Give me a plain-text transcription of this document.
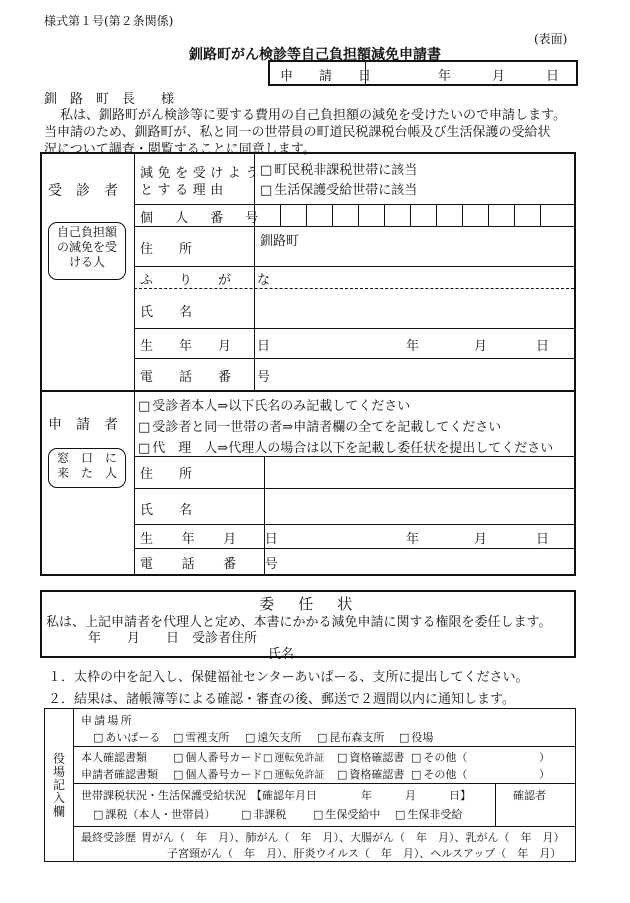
様式第１号(第２条関係)
(表面)
釧路町がん検診等自己負担額減免申請書
申　請　日	年	月	日
釧　路　町　長　　様
私は、釧路町がん検診等に要する費用の自己負担額の減免を受けたいので申請します。
当申請のため、釧路町が、私と同一の世帯員の町道民税課税台帳及び生活保護の受給状
況について調査・閲覧することに同意します。
受　診　者
自己負担額
の減免を受
ける人
減免を受けよう
とする理由
□ 町民税非課税世帯に該当
□ 生活保護受給世帯に該当
個　人　番　号
住　　所
釧路町
ふ　り　が　な
氏　　名
生　年　月　日	年	月	日
電　話　番　号
申　請　者
窓　口　に
来　た　人
□ 受診者本人⇒以下氏名のみ記載してください
□ 受診者と同一世帯の者⇒申請者欄の全てを記載してください
□ 代　理　人⇒代理人の場合は以下を記載し委任状を提出してください
住　　所
氏　　名
生　年　月　日	年	月	日
電　話　番　号
委　任　状
私は、上記申請者を代理人と定め、本書にかかる減免申請に関する権限を委任します。
年　　月　　日　受診者住所
氏名
１．太枠の中を記入し、保健福祉センターあいぱーる、支所に提出してください。
２．結果は、諸帳簿等による確認・審査の後、郵送で２週間以内に通知します。
役場記入欄
申請場所
□ あいぱーる	□ 雪裡支所	□ 遠矢支所	□ 昆布森支所	□ 役場
本人確認書類	□ 個人番号カード	□ 運転免許証	□ 資格確認書	□ その他（	）
申請者確認書類	□ 個人番号カード	□ 運転免許証	□ 資格確認書	□ その他（	）
世帯課税状況・生活保護受給状況 【確認年月日　　　　年　　　月　　　日】	確認者
□ 課税（本人・世帯員）	□ 非課税	□ 生保受給中	□ 生保非受給
最終受診歴 胃がん（　年　月）、肺がん（　年　月）、大腸がん（　年　月）、乳がん（　年　月）
子宮頸がん（　年　月）、肝炎ウイルス（　年　月）、ヘルスアップ（　年　月）
